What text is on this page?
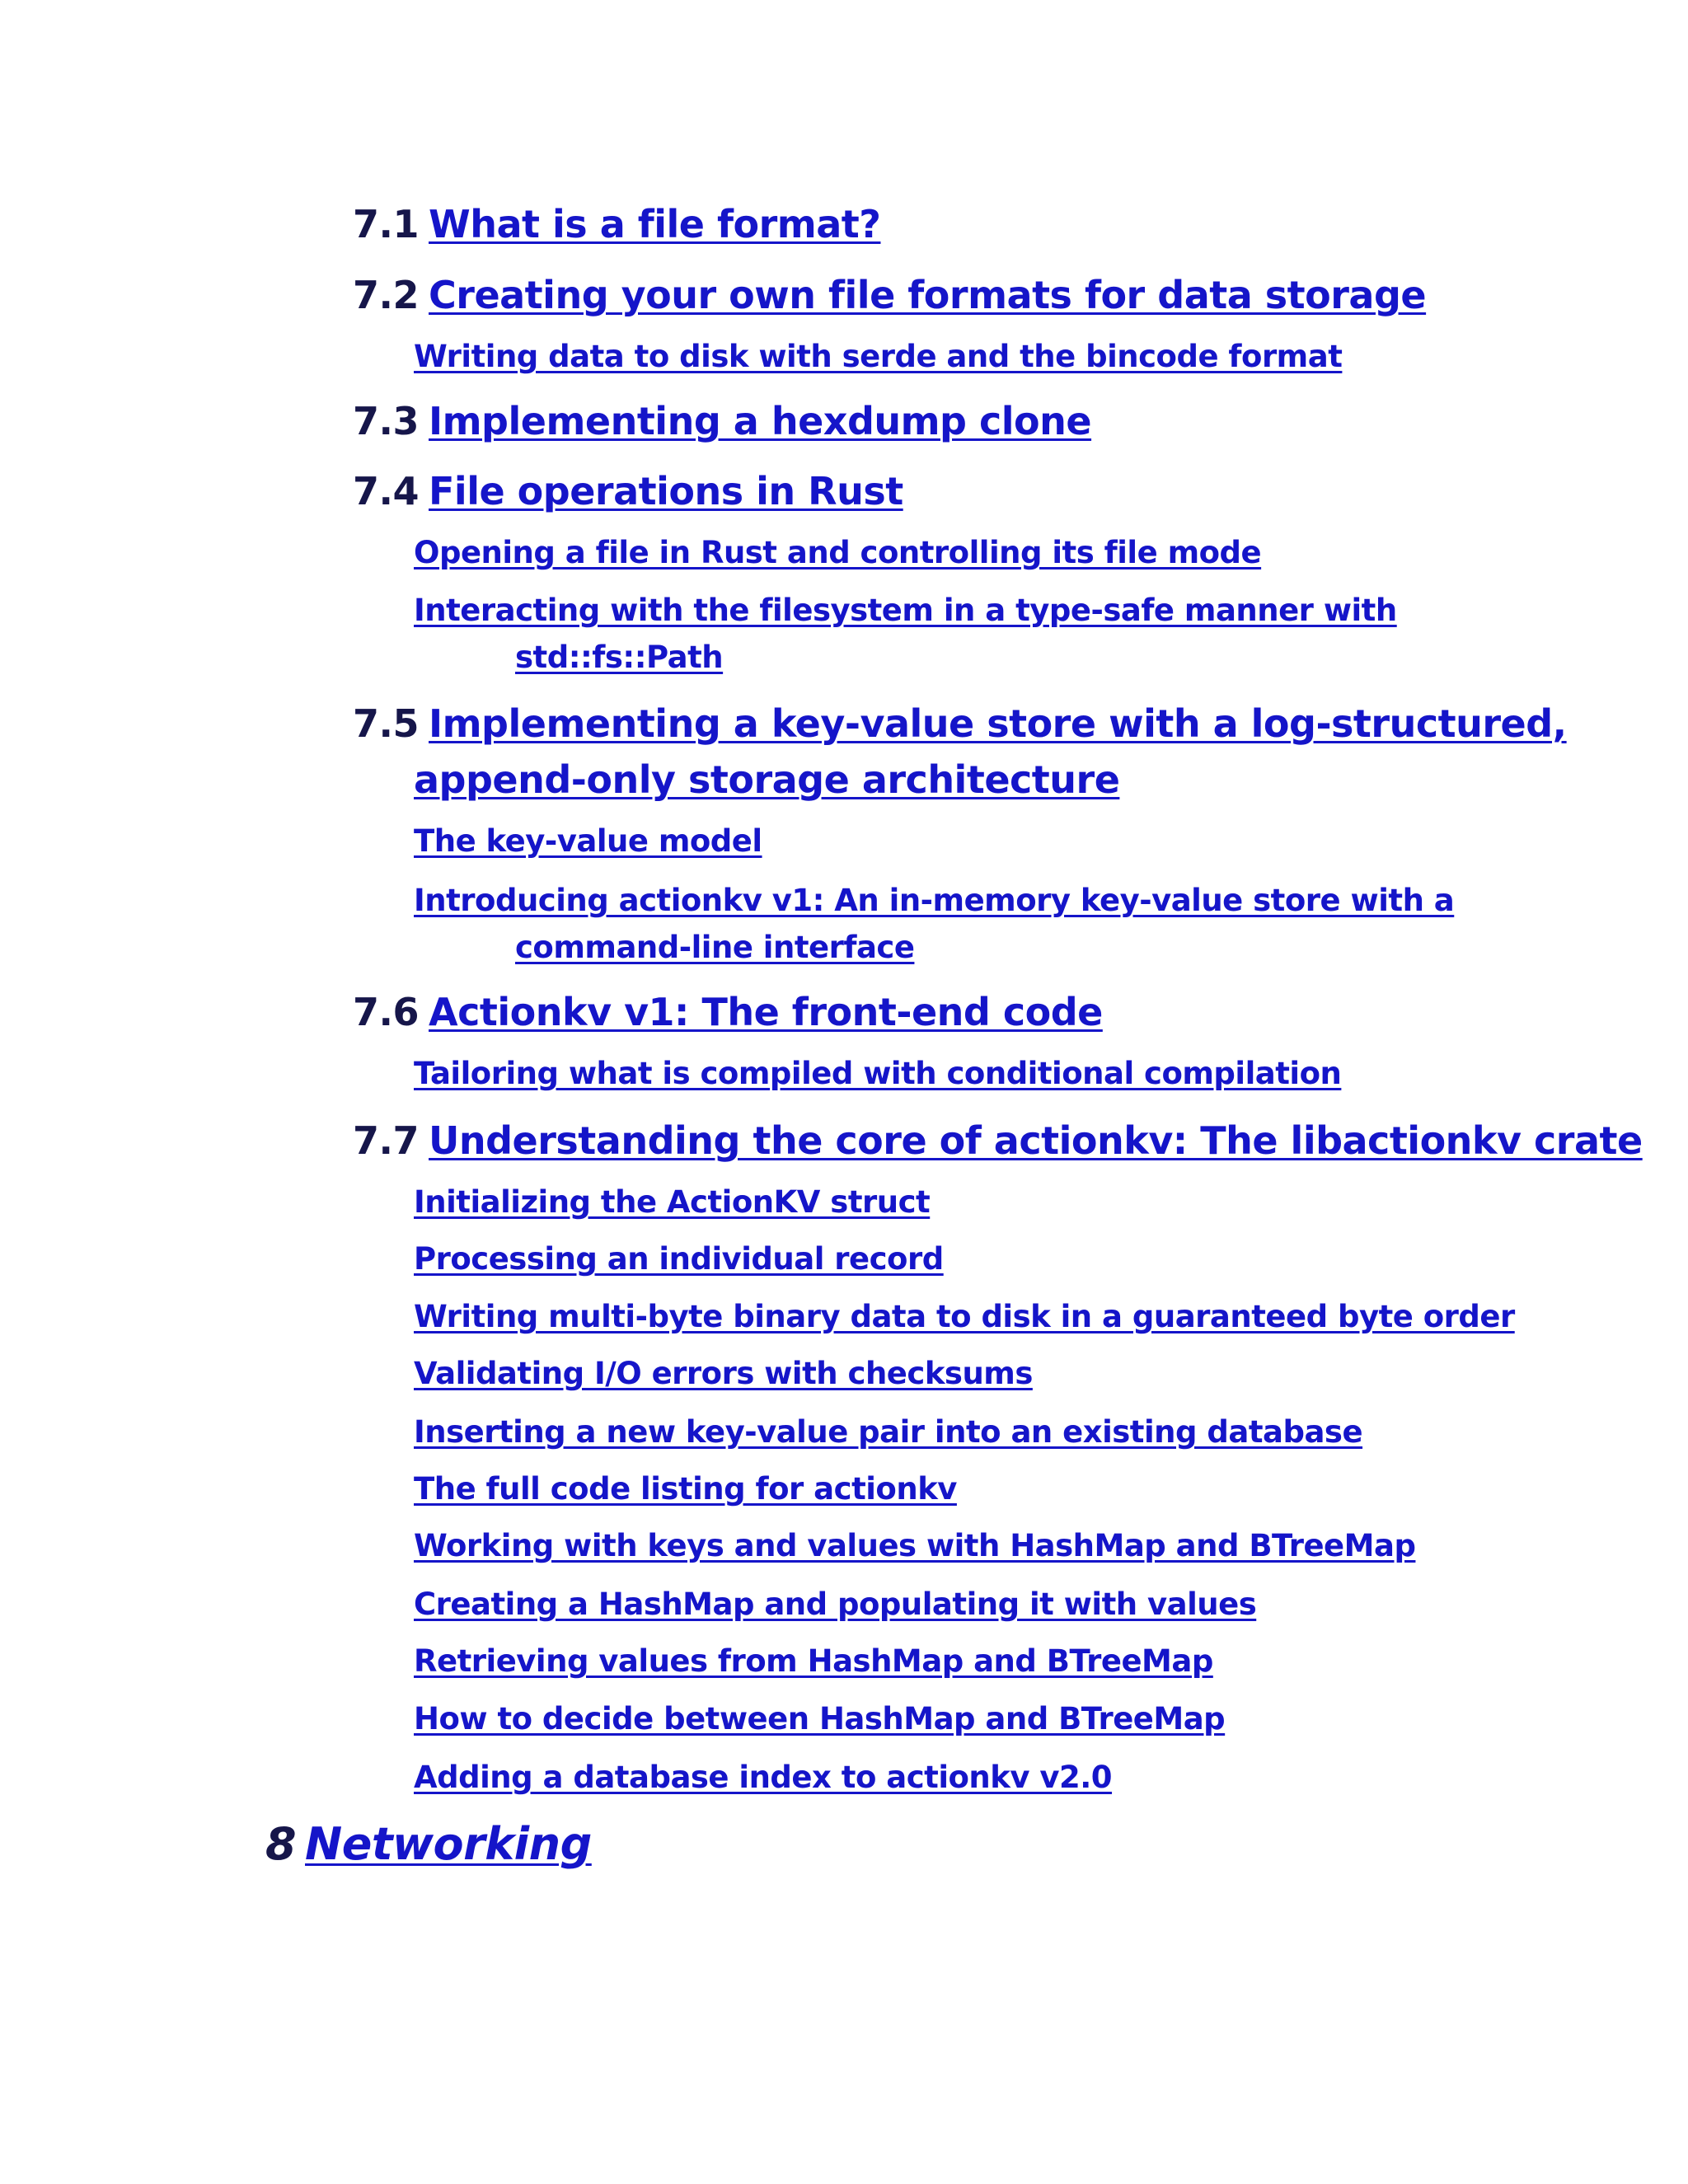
7.1 What is a file format?
7.2 Creating your own file formats for data storage
Writing data to disk with serde and the bincode format
7.3 Implementing a hexdump clone
7.4 File operations in Rust
Opening a file in Rust and controlling its file mode
Interacting with the filesystem in a type-safe manner with
std::fs::Path
7.5 Implementing a key-value store with a log-structured,
append-only storage architecture
The key-value model
Introducing actionkv v1: An in-memory key-value store with a
command-line interface
7.6 Actionkv v1: The front-end code
Tailoring what is compiled with conditional compilation
7.7 Understanding the core of actionkv: The libactionkv crate
Initializing the ActionKV struct
Processing an individual record
Writing multi-byte binary data to disk in a guaranteed byte order
Validating I/O errors with checksums
Inserting a new key-value pair into an existing database
The full code listing for actionkv
Working with keys and values with HashMap and BTreeMap
Creating a HashMap and populating it with values
Retrieving values from HashMap and BTreeMap
How to decide between HashMap and BTreeMap
Adding a database index to actionkv v2.0
8 Networking
